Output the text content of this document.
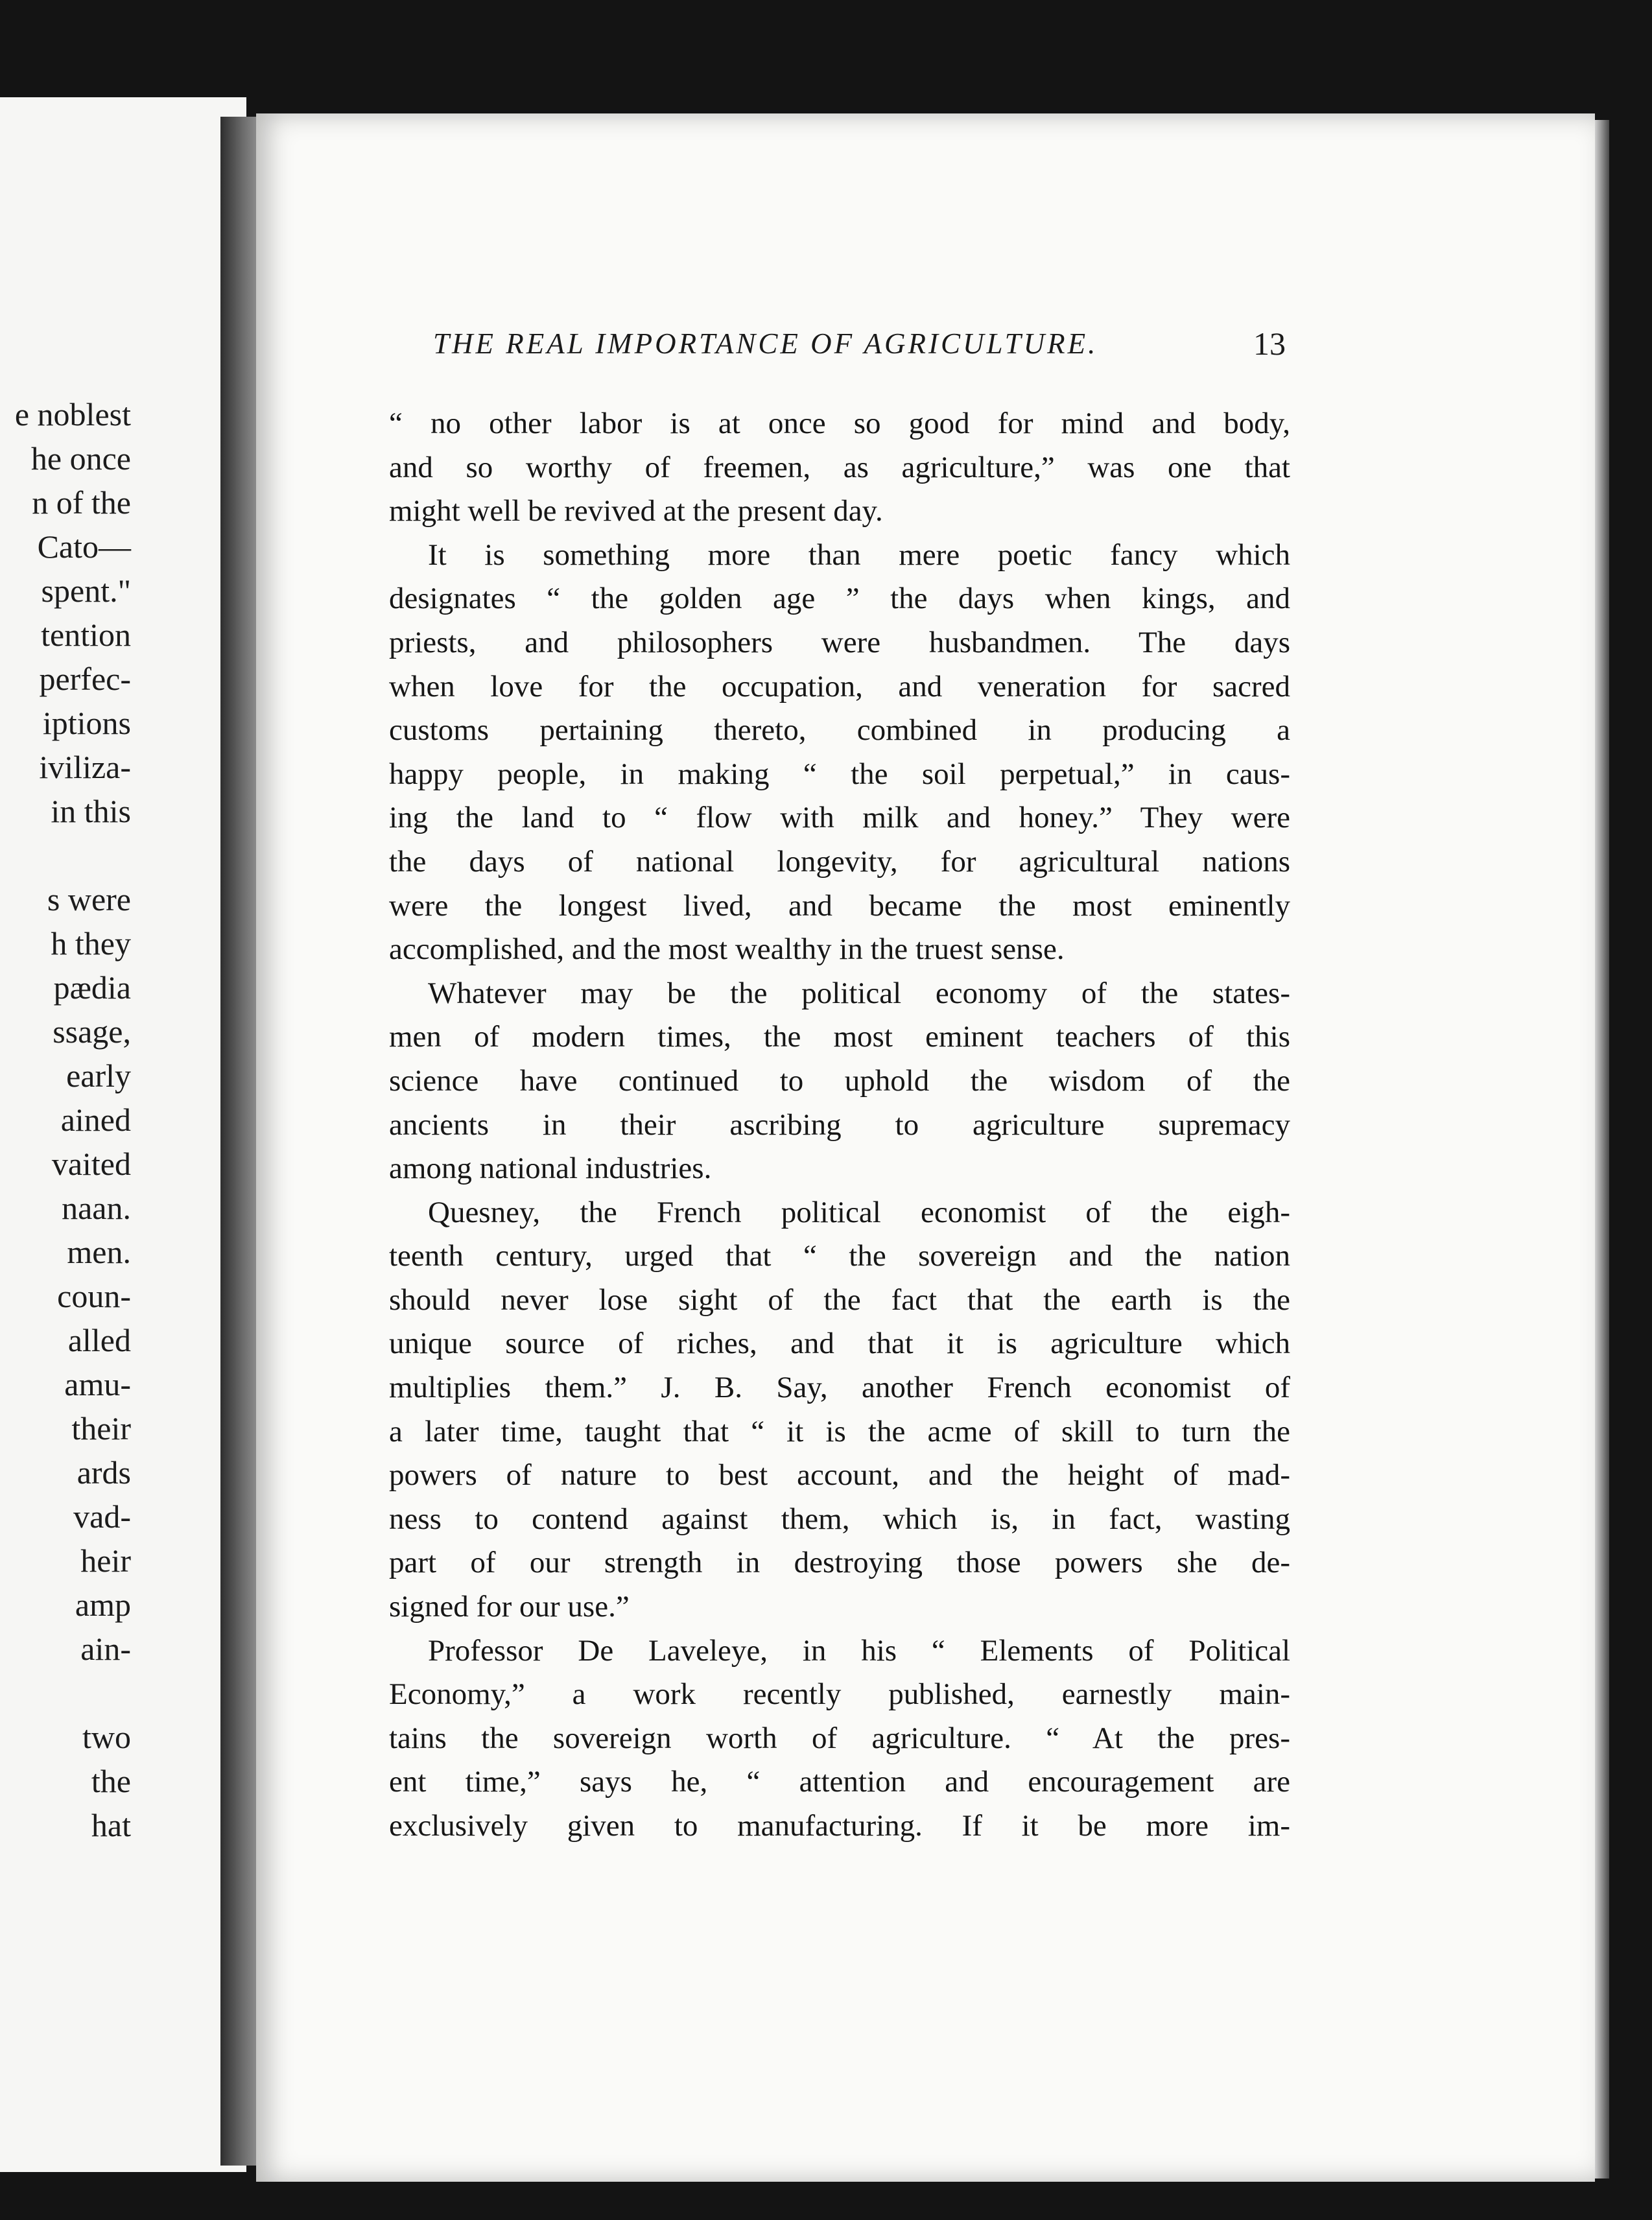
e noblest
he once
n of the
Cato—
spent."
tention
perfec-
iptions
iviliza-
in this
s were
h they
pædia
ssage,
early
ained
vaited
naan.
men.
coun-
alled
amu-
their
ards
vad-
heir
amp
ain-
two
the
hat
THE REAL IMPORTANCE OF AGRICULTURE.	13
“ no other labor is at once so good for mind and body,
and so worthy of freemen, as agriculture,” was one that
might well be revived at the present day.
It is something more than mere poetic fancy which
designates “ the golden age ” the days when kings, and
priests, and philosophers were husbandmen. The days
when love for the occupation, and veneration for sacred
customs pertaining thereto, combined in producing a
happy people, in making “ the soil perpetual,” in caus-
ing the land to “ flow with milk and honey.” They were
the days of national longevity, for agricultural nations
were the longest lived, and became the most eminently
accomplished, and the most wealthy in the truest sense.
Whatever may be the political economy of the states-
men of modern times, the most eminent teachers of this
science have continued to uphold the wisdom of the
ancients in their ascribing to agriculture supremacy
among national industries.
Quesney, the French political economist of the eigh-
teenth century, urged that “ the sovereign and the nation
should never lose sight of the fact that the earth is the
unique source of riches, and that it is agriculture which
multiplies them.” J. B. Say, another French economist of
a later time, taught that “ it is the acme of skill to turn the
powers of nature to best account, and the height of mad-
ness to contend against them, which is, in fact, wasting
part of our strength in destroying those powers she de-
signed for our use.”
Professor De Laveleye, in his “ Elements of Political
Economy,” a work recently published, earnestly main-
tains the sovereign worth of agriculture. “ At the pres-
ent time,” says he, “ attention and encouragement are
exclusively given to manufacturing. If it be more im-
